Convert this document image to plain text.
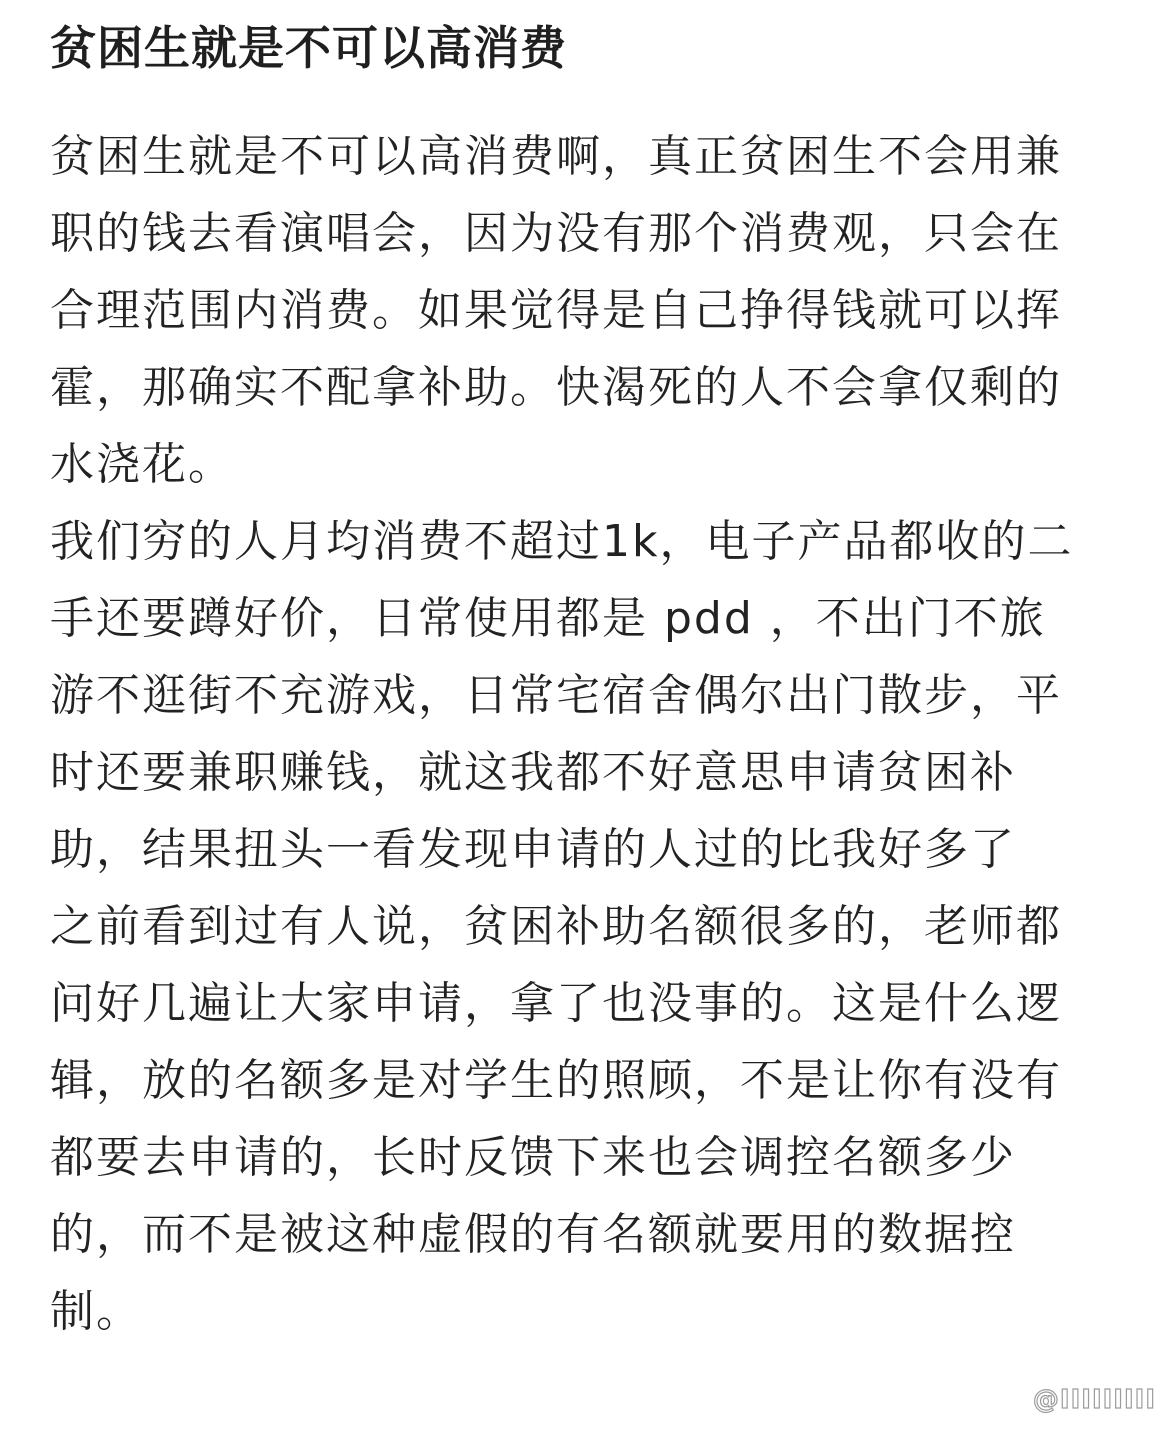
贫困生就是不可以高消费

贫困生就是不可以高消费啊，真正贫困生不会用兼职的钱去看演唱会，因为没有那个消费观，只会在合理范围内消费。如果觉得是自己挣得钱就可以挥霍，那确实不配拿补助。快渴死的人不会拿仅剩的水浇花。

我们穷的人月均消费不超过1k，电子产品都收的二手还要蹲好价，日常使用都是 pdd ，不出门不旅游不逛街不充游戏，日常宅宿舍偶尔出门散步，平时还要兼职赚钱，就这我都不好意思申请贫困补助，结果扭头一看发现申请的人过的比我好多了

之前看到过有人说，贫困补助名额很多的，老师都问好几遍让大家申请，拿了也没事的。这是什么逻辑，放的名额多是对学生的照顾，不是让你有没有都要去申请的，长时反馈下来也会调控名额多少的，而不是被这种虚假的有名额就要用的数据控制。

@IIIIIIIII
